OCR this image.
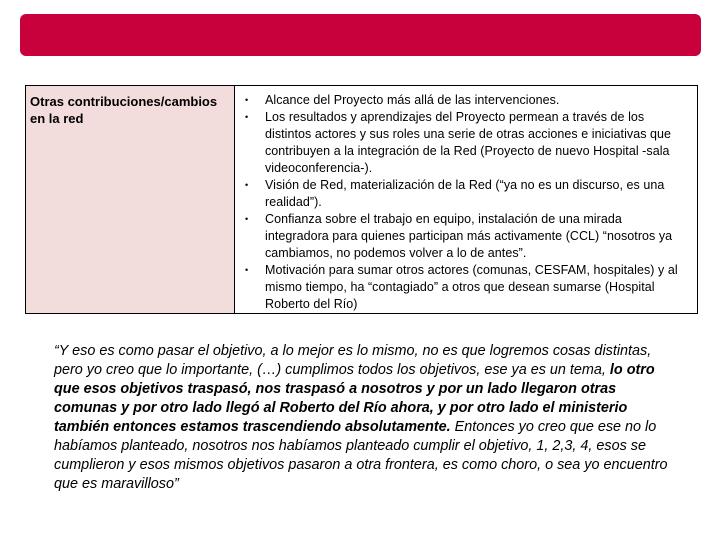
Otras contribuciones/cambios en la red	
• Alcance del Proyecto más allá de las intervenciones.
• Los resultados y aprendizajes del Proyecto permean a través de los distintos actores y sus roles una serie de otras acciones e iniciativas que contribuyen a la integración de la Red (Proyecto de nuevo Hospital -sala videoconferencia-).
• Visión de Red, materialización de la Red (“ya no es un discurso, es una realidad”).
• Confianza sobre el trabajo en equipo, instalación de una mirada integradora para quienes participan más activamente (CCL) “nosotros ya cambiamos, no podemos volver a lo de antes”.
• Motivación para sumar otros actores (comunas, CESFAM, hospitales) y al mismo tiempo, ha “contagiado” a otros que desean sumarse (Hospital Roberto del Río)

“Y eso es como pasar el objetivo, a lo mejor es lo mismo, no es que logremos cosas distintas, pero yo creo que lo importante, (…) cumplimos todos los objetivos, ese ya es un tema, lo otro que esos objetivos traspasó, nos traspasó a nosotros y por un lado llegaron otras comunas y por otro lado llegó al Roberto del Río ahora, y por otro lado el ministerio también entonces estamos trascendiendo absolutamente. Entonces yo creo que ese no lo habíamos planteado, nosotros nos habíamos planteado cumplir el objetivo, 1, 2,3, 4, esos se cumplieron y esos mismos objetivos pasaron a otra frontera, es como choro, o sea yo encuentro que es maravilloso”
